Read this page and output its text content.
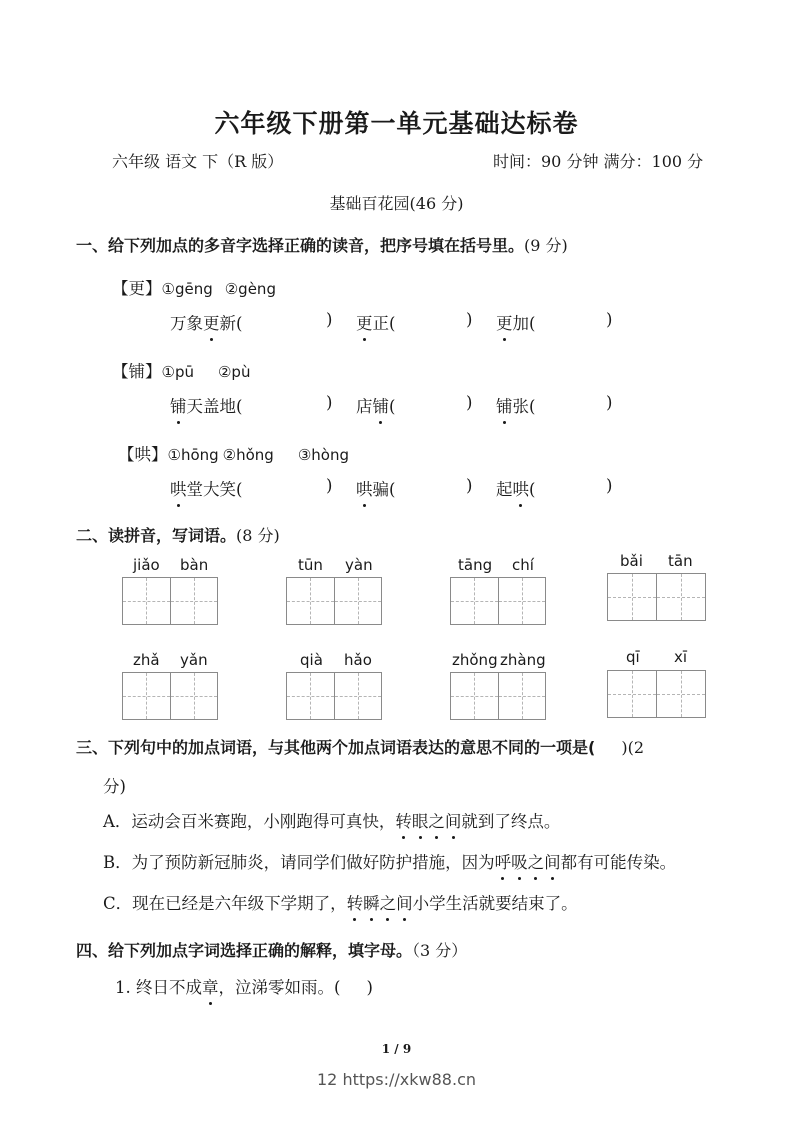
六年级下册第一单元基础达标卷
六年级 语文 下（R 版）	时间：90 分钟 满分：100 分
基础百花园(46 分)
一、给下列加点的多音字选择正确的读音，把序号填在括号里。(9 分)
【更】①gēng ②gèng
万象更新(	) 更正(	) 更加(	)
【铺】①pū ②pù
铺天盖地(	) 店铺(	) 铺张(	)
【哄】①hōng ②hǒng ③hòng
哄堂大笑(	) 哄骗(	) 起哄(	)
二、读拼音，写词语。(8 分)
jiǎo bàn	tūn yàn	tāng chí	bǎi tān
zhǎ yǎn	qià hǎo	zhǒng zhàng	qī xī
三、下列句中的加点词语，与其他两个加点词语表达的意思不同的一项是( )(2
分)
A．运动会百米赛跑，小刚跑得可真快，转眼之间就到了终点。
B．为了预防新冠肺炎，请同学们做好防护措施，因为呼吸之间都有可能传染。
C．现在已经是六年级下学期了，转瞬之间小学生活就要结束了。
四、给下列加点字词选择正确的解释，填字母。（3 分）
1. 终日不成章，泣涕零如雨。( )
1 / 9
12 https://xkw88.cn
